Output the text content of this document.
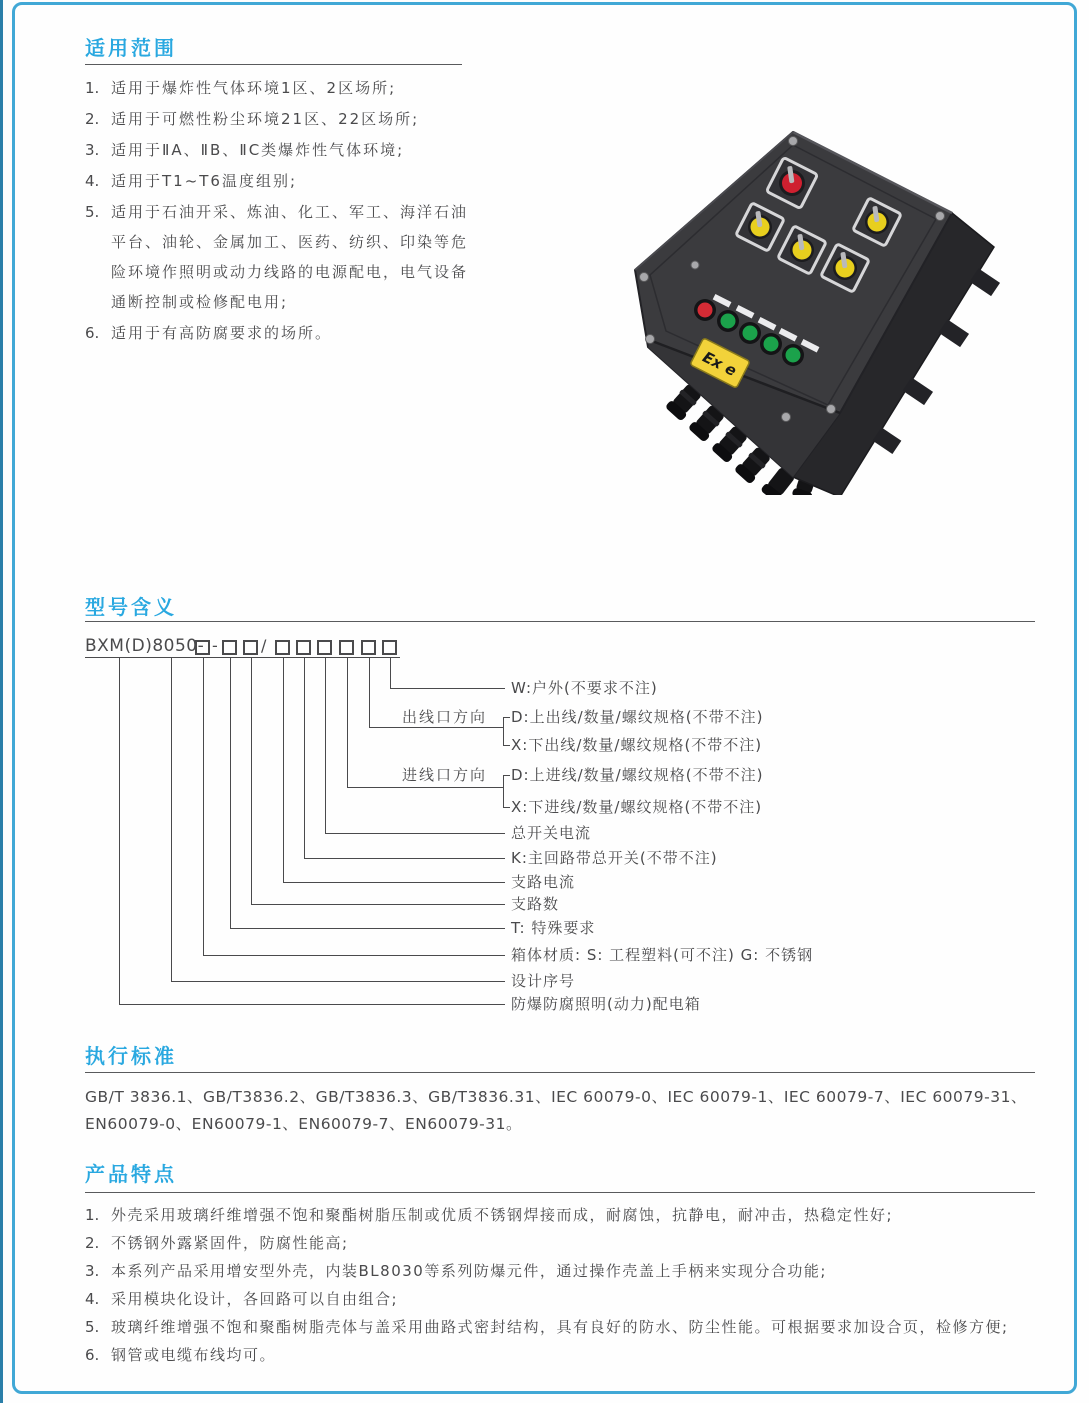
适用范围
1. 适用于爆炸性气体环境1区、2区场所;
2. 适用于可燃性粉尘环境21区、22区场所;
3. 适用于ⅡA、ⅡB、ⅡC类爆炸性气体环境;
4. 适用于T1~T6温度组别;
5. 适用于石油开采、炼油、化工、军工、海洋石油平台、油轮、金属加工、医药、纺织、印染等危险环境作照明或动力线路的电源配电，电气设备通断控制或检修配电用;
6. 适用于有高防腐要求的场所。
Ex e
型号含义
BXM(D)8050- -	/
W:户外(不要求不注)
出线口方向 D:上出线/数量/螺纹规格(不带不注)
X:下出线/数量/螺纹规格(不带不注)
进线口方向 D:上进线/数量/螺纹规格(不带不注)
X:下进线/数量/螺纹规格(不带不注)
总开关电流
K:主回路带总开关(不带不注)
支路电流
支路数
T: 特殊要求
箱体材质: S: 工程塑料(可不注) G: 不锈钢
设计序号
防爆防腐照明(动力)配电箱
执行标准
GB/T 3836.1、GB/T3836.2、GB/T3836.3、GB/T3836.31、IEC 60079-0、IEC 60079-1、IEC 60079-7、IEC 60079-31、
EN60079-0、EN60079-1、EN60079-7、EN60079-31。
产品特点
1. 外壳采用玻璃纤维增强不饱和聚酯树脂压制或优质不锈钢焊接而成，耐腐蚀，抗静电，耐冲击，热稳定性好;
2. 不锈钢外露紧固件，防腐性能高;
3. 本系列产品采用增安型外壳，内装BL8030等系列防爆元件，通过操作壳盖上手柄来实现分合功能;
4. 采用模块化设计，各回路可以自由组合;
5. 玻璃纤维增强不饱和聚酯树脂壳体与盖采用曲路式密封结构，具有良好的防水、防尘性能。可根据要求加设合页，检修方便;
6. 钢管或电缆布线均可。
